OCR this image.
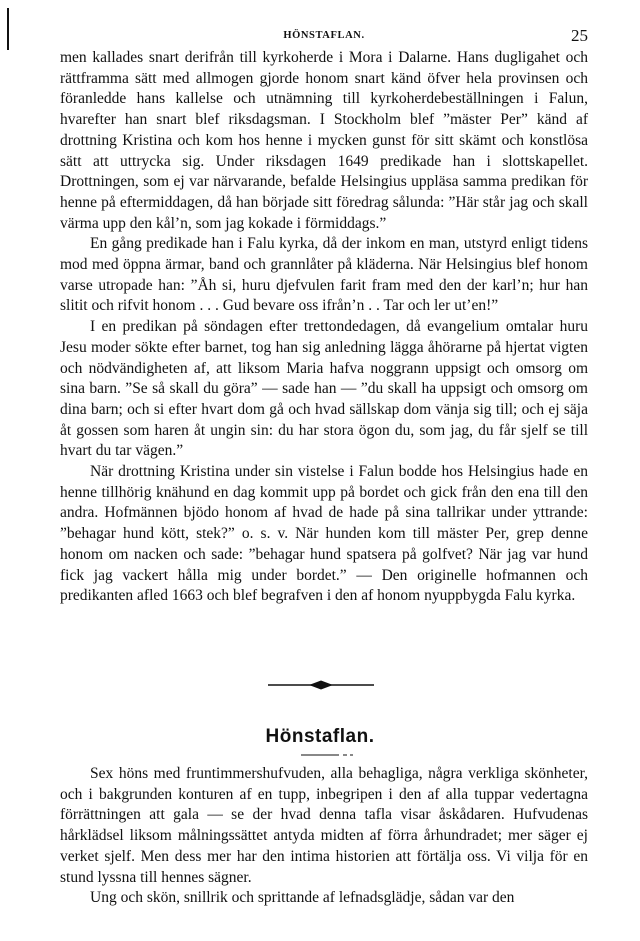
HÖNSTAFLAN.	25

men kallades snart derifrån till kyrkoherde i Mora i Dalarne. Hans dugligahet och rättframma sätt med allmogen gjorde honom snart känd öfver hela provinsen och föranledde hans kallelse och utnämning till kyrkoherdebeställningen i Falun, hvarefter han snart blef riksdagsman. I Stockholm blef ”mäster Per” känd af drottning Kristina och kom hos henne i mycken gunst för sitt skämt och konstlösa sätt att uttrycka sig. Under riksdagen 1649 predikade han i slottskapellet. Drottningen, som ej var närvarande, befalde Helsingius uppläsa samma predikan för henne på eftermiddagen, då han började sitt föredrag sålunda: ”Här står jag och skall värma upp den kål’n, som jag kokade i förmiddags.”

En gång predikade han i Falu kyrka, då der inkom en man, utstyrd enligt tidens mod med öppna ärmar, band och grannlåter på kläderna. När Helsingius blef honom varse utropade han: ”Åh si, huru djefvulen farit fram med den der karl’n; hur han slitit och rifvit honom . . . Gud bevare oss ifrån’n . . Tar och ler ut’en!”

I en predikan på söndagen efter trettondedagen, då evangelium omtalar huru Jesu moder sökte efter barnet, tog han sig anledning lägga åhörarne på hjertat vigten och nödvändigheten af, att liksom Maria hafva noggrann uppsigt och omsorg om sina barn. ”Se så skall du göra” — sade han — ”du skall ha uppsigt och omsorg om dina barn; och si efter hvart dom gå och hvad sällskap dom vänja sig till; och ej säja åt gossen som haren åt ungin sin: du har stora ögon du, som jag, du får sjelf se till hvart du tar vägen.”

När drottning Kristina under sin vistelse i Falun bodde hos Helsingius hade en henne tillhörig knähund en dag kommit upp på bordet och gick från den ena till den andra. Hofmännen bjödo honom af hvad de hade på sina tallrikar under yttrande: ”behagar hund kött, stek?” o. s. v. När hunden kom till mäster Per, grep denne honom om nacken och sade: ”behagar hund spatsera på golfvet? När jag var hund fick jag vackert hålla mig under bordet.” — Den originelle hofmannen och predikanten afled 1663 och blef begrafven i den af honom nyuppbygda Falu kyrka.

Hönstaflan.

Sex höns med fruntimmershufvuden, alla behagliga, några verkliga skönheter, och i bakgrunden konturen af en tupp, inbegripen i den af alla tuppar vedertagna förrättningen att gala — se der hvad denna tafla visar åskådaren. Hufvudenas hårklädsel liksom målningssättet antyda midten af förra århundradet; mer säger ej verket sjelf. Men dess mer har den intima historien att förtälja oss. Vi vilja för en stund lyssna till hennes sägner.

Ung och skön, snillrik och sprittande af lefnadsglädje, sådan var den
